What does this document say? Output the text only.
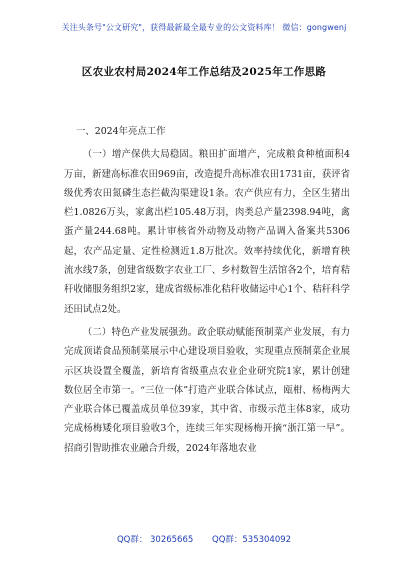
关注头条号"公文研究"，获得最新最全最专业的公文资料库！ 微信：gongwenj
区农业农村局2024年工作总结及2025年工作思路
一、2024年亮点工作

（一）增产保供大局稳固。粮田扩面增产，完成粮食种植面积4万亩，新建高标准农田969亩，改造提升高标准农田1731亩，获评省级优秀农田氮磷生态拦截沟渠建设1条。农产供应有力，全区生猪出栏1.0826万头，家禽出栏105.48万羽，肉类总产量2398.94吨，禽蛋产量244.68吨。累计审核省外动物及动物产品调入备案共5306起，农产品定量、定性检测近1.8万批次。效率持续优化，新增育秧流水线7条，创建省级数字农业工厂、乡村数智生活馆各2个，培育秸秆收储服务组织2家，建成省级标准化秸秆收储运中心1个、秸秆科学还田试点2处。

（二）特色产业发展强劲。政企联动赋能预制菜产业发展，有力完成顶诺食品预制菜展示中心建设项目验收，实现重点预制菜企业展示区块设置全覆盖，新培育省级重点农业企业研究院1家，累计创建数位居全市第一。“三位一体”打造产业联合体试点，瓯柑、杨梅两大产业联合体已覆盖成员单位39家，其中省、市级示范主体8家，成功完成杨梅矮化项目验收3个，连续三年实现杨梅开摘“浙江第一早”。招商引智助推农业融合升级，2024年落地农业

QQ群： 30265665 QQ群：535304092
